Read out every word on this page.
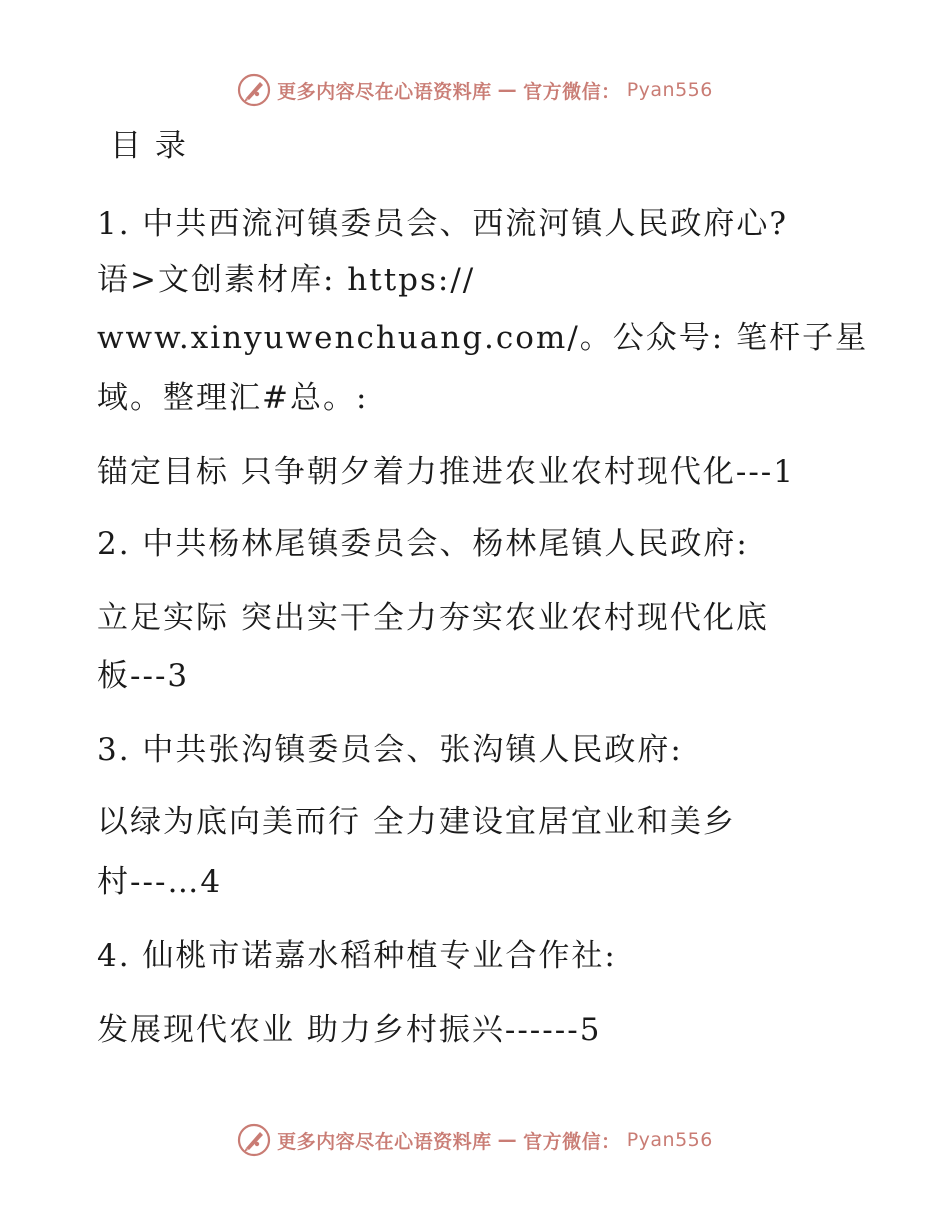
更多内容尽在心语资料库 — 官方微信： Pyan556
目 录
1. 中共西流河镇委员会、西流河镇人民政府心?
语>文创素材库: https://
www.xinyuwenchuang.com/。公众号: 笔杆子星
域。整理汇#总。:
锚定目标 只争朝夕着力推进农业农村现代化---1
2. 中共杨林尾镇委员会、杨林尾镇人民政府:
立足实际 突出实干全力夯实农业农村现代化底
板---3
3. 中共张沟镇委员会、张沟镇人民政府:
以绿为底向美而行 全力建设宜居宜业和美乡
村---…4
4. 仙桃市诺嘉水稻种植专业合作社:
发展现代农业 助力乡村振兴------5
更多内容尽在心语资料库 — 官方微信： Pyan556
